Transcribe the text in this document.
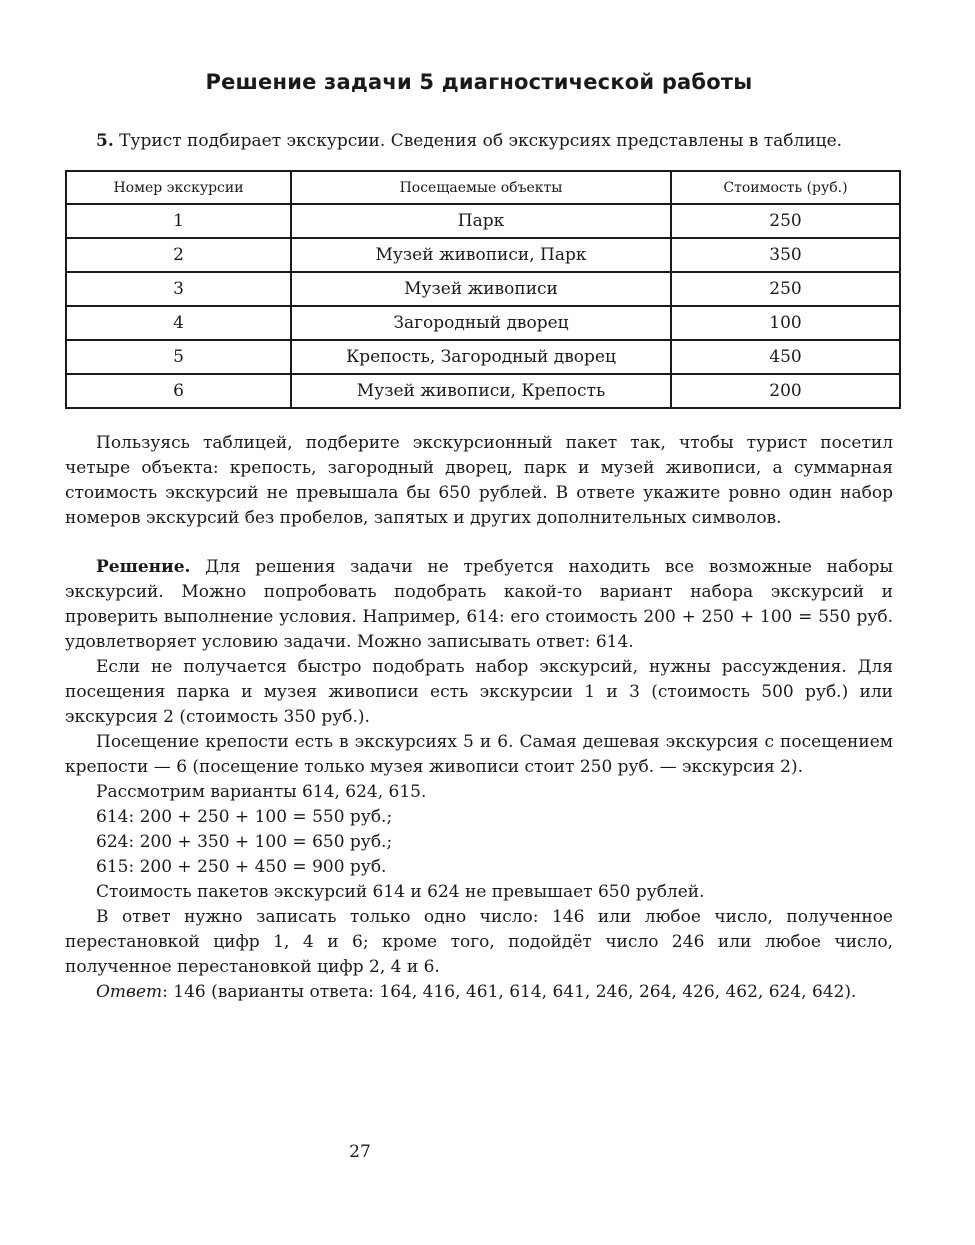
Решение задачи 5 диагностической работы

5. Турист подбирает экскурсии. Сведения об экскурсиях представлены в таблице.

Номер экскурсии	Посещаемые объекты	Стоимость (руб.)
1	Парк	250
2	Музей живописи, Парк	350
3	Музей живописи	250
4	Загородный дворец	100
5	Крепость, Загородный дворец	450
6	Музей живописи, Крепость	200

Пользуясь таблицей, подберите экскурсионный пакет так, чтобы турист посетил четыре объекта: крепость, загородный дворец, парк и музей живописи, а суммарная стоимость экскурсий не превышала бы 650 рублей. В ответе укажите ровно один набор номеров экскурсий без пробелов, запятых и других дополнительных символов.

Решение. Для решения задачи не требуется находить все возможные наборы экскурсий. Можно попробовать подобрать какой-то вариант набора экскурсий и проверить выполнение условия. Например, 614: его стоимость 200 + 250 + 100 = 550 руб. удовлетворяет условию задачи. Можно записывать ответ: 614.

Если не получается быстро подобрать набор экскурсий, нужны рассуждения. Для посещения парка и музея живописи есть экскурсии 1 и 3 (стоимость 500 руб.) или экскурсия 2 (стоимость 350 руб.).

Посещение крепости есть в экскурсиях 5 и 6. Самая дешевая экскурсия с посещением крепости — 6 (посещение только музея живописи стоит 250 руб. — экскурсия 2).

Рассмотрим варианты 614, 624, 615.

614: 200 + 250 + 100 = 550 руб.;

624: 200 + 350 + 100 = 650 руб.;

615: 200 + 250 + 450 = 900 руб.

Стоимость пакетов экскурсий 614 и 624 не превышает 650 рублей.

В ответ нужно записать только одно число: 146 или любое число, полученное перестановкой цифр 1, 4 и 6; кроме того, подойдёт число 246 или любое число, полученное перестановкой цифр 2, 4 и 6.

Ответ: 146 (варианты ответа: 164, 416, 461, 614, 641, 246, 264, 426, 462, 624, 642).

27
